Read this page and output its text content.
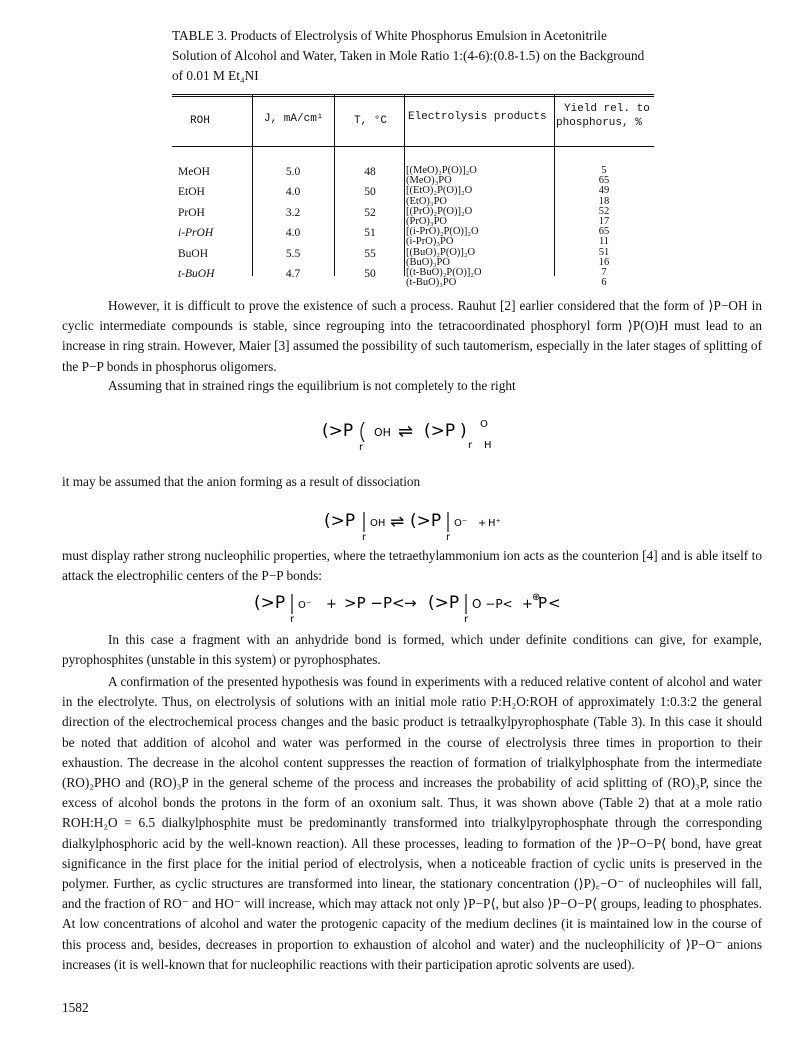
TABLE 3. Products of Electrolysis of White Phosphorus Emulsion in Acetonitrile Solution of Alcohol and Water, Taken in Mole Ratio 1:(4-6):(0.8-1.5) on the Background of 0.01 M Et₄NI
ROH	J, mA/cm¹	T, °C Electrolysis products
Yield rel. to
phosphorus, %
MeOH
EtOH
PrOH
i-PrOH
BuOH
t-BuOH
5.0
4.0
3.2
4.0
5.5
4.7
48
50
52
51
55
50
[(MeO)₂P(O)]₂O
(MeO)₃PO
[(EtO)₂P(O)]₂O
(EtO)₃PO
[(PrO)₂P(O)]₂O
(PrO)₃PO
[(i-PrO)₂P(O)]₂O
(i-PrO)₃PO
[(BuO)₂P(O)]₂O
(BuO)₃PO
[(t-BuO)₂P(O)]₂O
(t-BuO)₃PO
5
65
49
18
52
17
65
11
51
16
7
6
However, it is difficult to prove the existence of such a process. Rauhut [2] earlier considered that the form of ⟩P−OH in cyclic intermediate compounds is stable, since regrouping into the tetracoordinated phosphoryl form ⟩P(O)H must lead to an increase in ring strain. However, Maier [3] assumed the possibility of such tautomerism, especially in the later stages of splitting of the P−P bonds in phosphorus oligomers.
Assuming that in strained rings the equilibrium is not completely to the right
(>P
r
OH ⇌ (>P )
r
O
H
it may be assumed that the anion forming as a result of dissociation
(>P
r
OH ⇌ (>P
r
O⁻ + H⁺
must display rather strong nucleophilic properties, where the tetraethylammonium ion acts as the counterion [4] and is able itself to attack the electrophilic centers of the P−P bonds:
(>P
r
O⁻ + >P −P< → (>P
r
O −P< + ⊕
P <
In this case a fragment with an anhydride bond is formed, which under definite conditions can give, for example, pyrophosphites (unstable in this system) or pyrophosphates.
A confirmation of the presented hypothesis was found in experiments with a reduced relative content of alcohol and water in the electrolyte. Thus, on electrolysis of solutions with an initial mole ratio P:H₂O:ROH of approximately 1:0.3:2 the general direction of the electrochemical process changes and the basic product is tetraalkylpyrophosphate (Table 3). In this case it should be noted that addition of alcohol and water was performed in the course of electrolysis three times in proportion to their exhaustion. The decrease in the alcohol content suppresses the reaction of formation of trialkylphosphate from the intermediate (RO)₂PHO and (RO)₃P in the general scheme of the process and increases the probability of acid splitting of (RO)₃P, since the excess of alcohol bonds the protons in the form of an oxonium salt. Thus, it was shown above (Table 2) that at a mole ratio ROH:H₂O = 6.5 dialkylphosphite must be predominantly transformed into trialkylpyrophosphate through the corresponding dialkylphosphoric acid by the well-known reaction). All these processes, leading to formation of the ⟩P−O−P⟨ bond, have great significance in the first place for the initial period of electrolysis, when a noticeable fraction of cyclic units is preserved in the polymer. Further, as cyclic structures are transformed into linear, the stationary concentration (⟩P)꜀−O⁻ of nucleophiles will fall, and the fraction of RO⁻ and HO⁻ will increase, which may attack not only ⟩P−P⟨, but also ⟩P−O−P⟨ groups, leading to phosphates. At low concentrations of alcohol and water the protogenic capacity of the medium declines (it is maintained low in the course of this process and, besides, decreases in proportion to exhaustion of alcohol and water) and the nucleophilicity of ⟩P−O⁻ anions increases (it is well-known that for nucleophilic reactions with their participation aprotic solvents are used).
1582
